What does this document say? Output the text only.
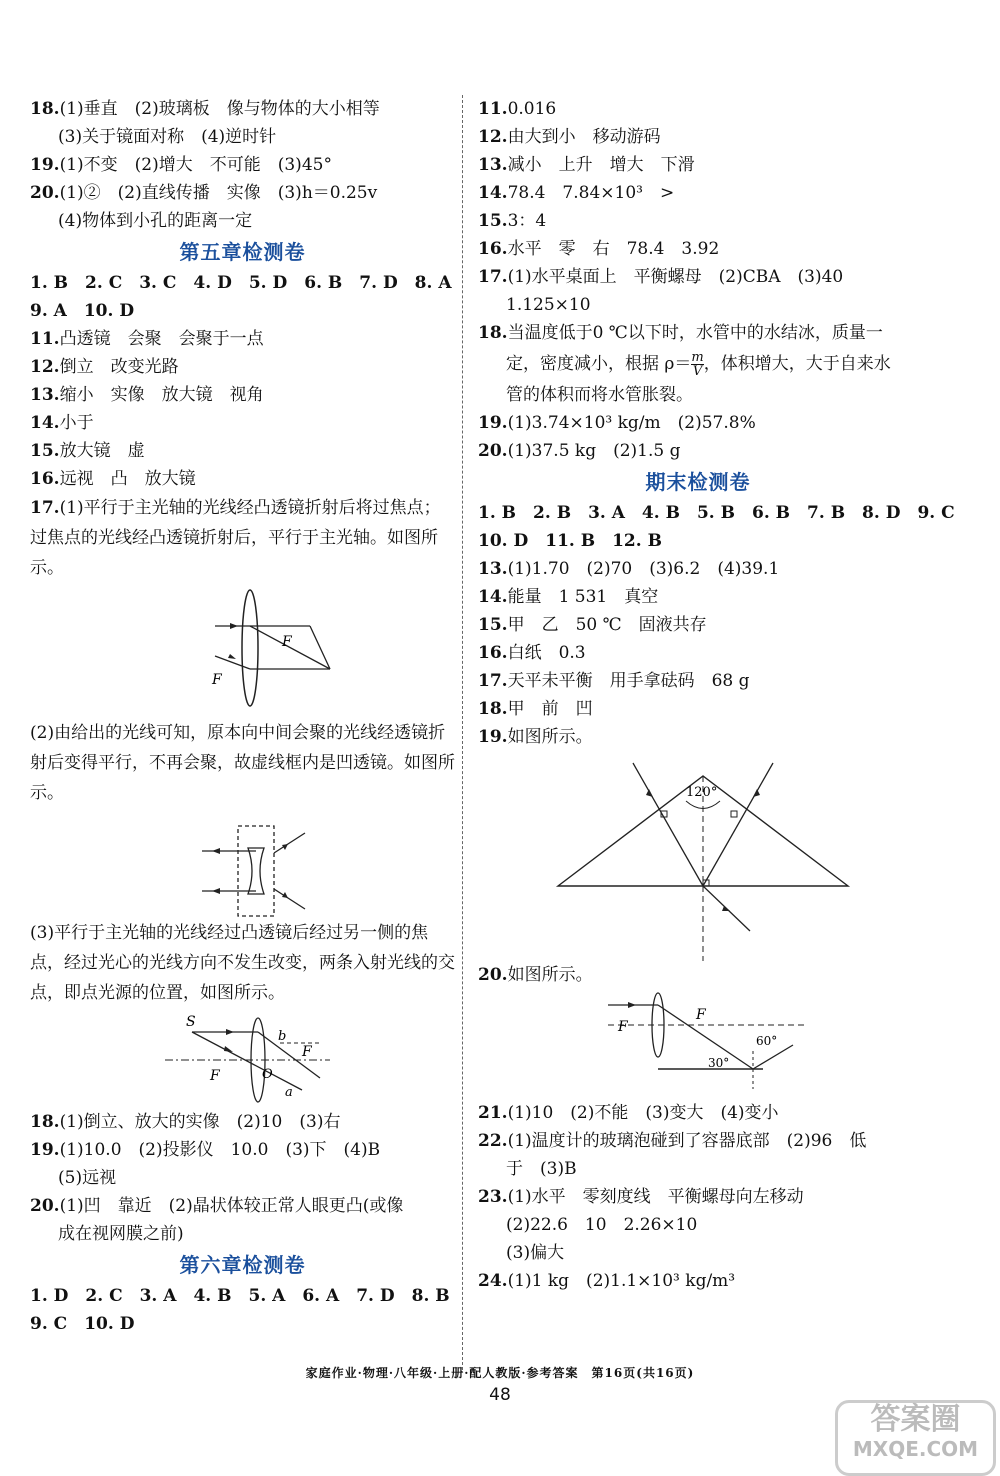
18.(1)垂直　(2)玻璃板　像与物体的大小相等
(3)关于镜面对称　(4)逆时针
19.(1)不变　(2)增大　不可能　(3)45°
20.(1)②　(2)直线传播　实像　(3)h＝0.25v
(4)物体到小孔的距离一定
第五章检测卷
1. B　2. C　3. C　4. D　5. D　6. B　7. D　8. A
9. A　10. D
11.凸透镜　会聚　会聚于一点
12.倒立　改变光路
13.缩小　实像　放大镜　视角
14.小于
15.放大镜　虚
16.远视　凸　放大镜
17.(1)平行于主光轴的光线经凸透镜折射后将过焦点；过焦点的光线经凸透镜折射后，平行于主光轴。如图所示。
F
F
(2)由给出的光线可知，原本向中间会聚的光线经透镜折射后变得平行，不再会聚，故虚线框内是凹透镜。如图所示。
(3)平行于主光轴的光线经过凸透镜后经过另一侧的焦点，经过光心的光线方向不发生改变，两条入射光线的交点，即点光源的位置，如图所示。
S
b
O
F
F
a
18.(1)倒立、放大的实像　(2)10　(3)右
19.(1)10.0　(2)投影仪　10.0　(3)下　(4)B
(5)远视
20.(1)凹　靠近　(2)晶状体较正常人眼更凸(或像
成在视网膜之前)
第六章检测卷
1. D　2. C　3. A　4. B　5. A　6. A　7. D　8. B
9. C　10. D
11.0.016
12.由大到小　移动游码
13.减小　上升　增大　下滑
14.78.4　7.84×10³　>
15.3：4
16.水平　零　右　78.4　3.92
17.(1)水平桌面上　平衡螺母　(2)CBA　(3)40
1.125×10
18.当温度低于0 ℃以下时，水管中的水结冰，质量一
定，密度减小，根据 $\rho= \frac{m}{V}$ ，体积增大，大于自来水
管的体积而将水管胀裂。
19.(1)3.74×10³ kg/m　(2)57.8%
20.(1)37.5 kg　(2)1.5 g
期末检测卷
1. B　2. B　3. A　4. B　5. B　6. B　7. B　8. D　9. C
10. D　11. B　12. B
13.(1)1.70　(2)70　(3)6.2　(4)39.1
14.能量　1 531　真空
15.甲　乙　50 ℃　固液共存
16.白纸　0.3
17.天平未平衡　用手拿砝码　68 g
18.甲　前　凹
19.如图所示。
120°
20.如图所示。
F
F
30°
60°
21.(1)10　(2)不能　(3)变大　(4)变小
22.(1)温度计的玻璃泡碰到了容器底部　(2)96　低
于　(3)B
23.(1)水平　零刻度线　平衡螺母向左移动
(2)22.6　10　2.26×10
(3)偏大
24.(1)1 kg　(2)1.1×10³ kg/m³
家庭作业·物理·八年级·上册·配人教版·参考答案　第16页(共16页)
48
答案圈
MXQE.COM
